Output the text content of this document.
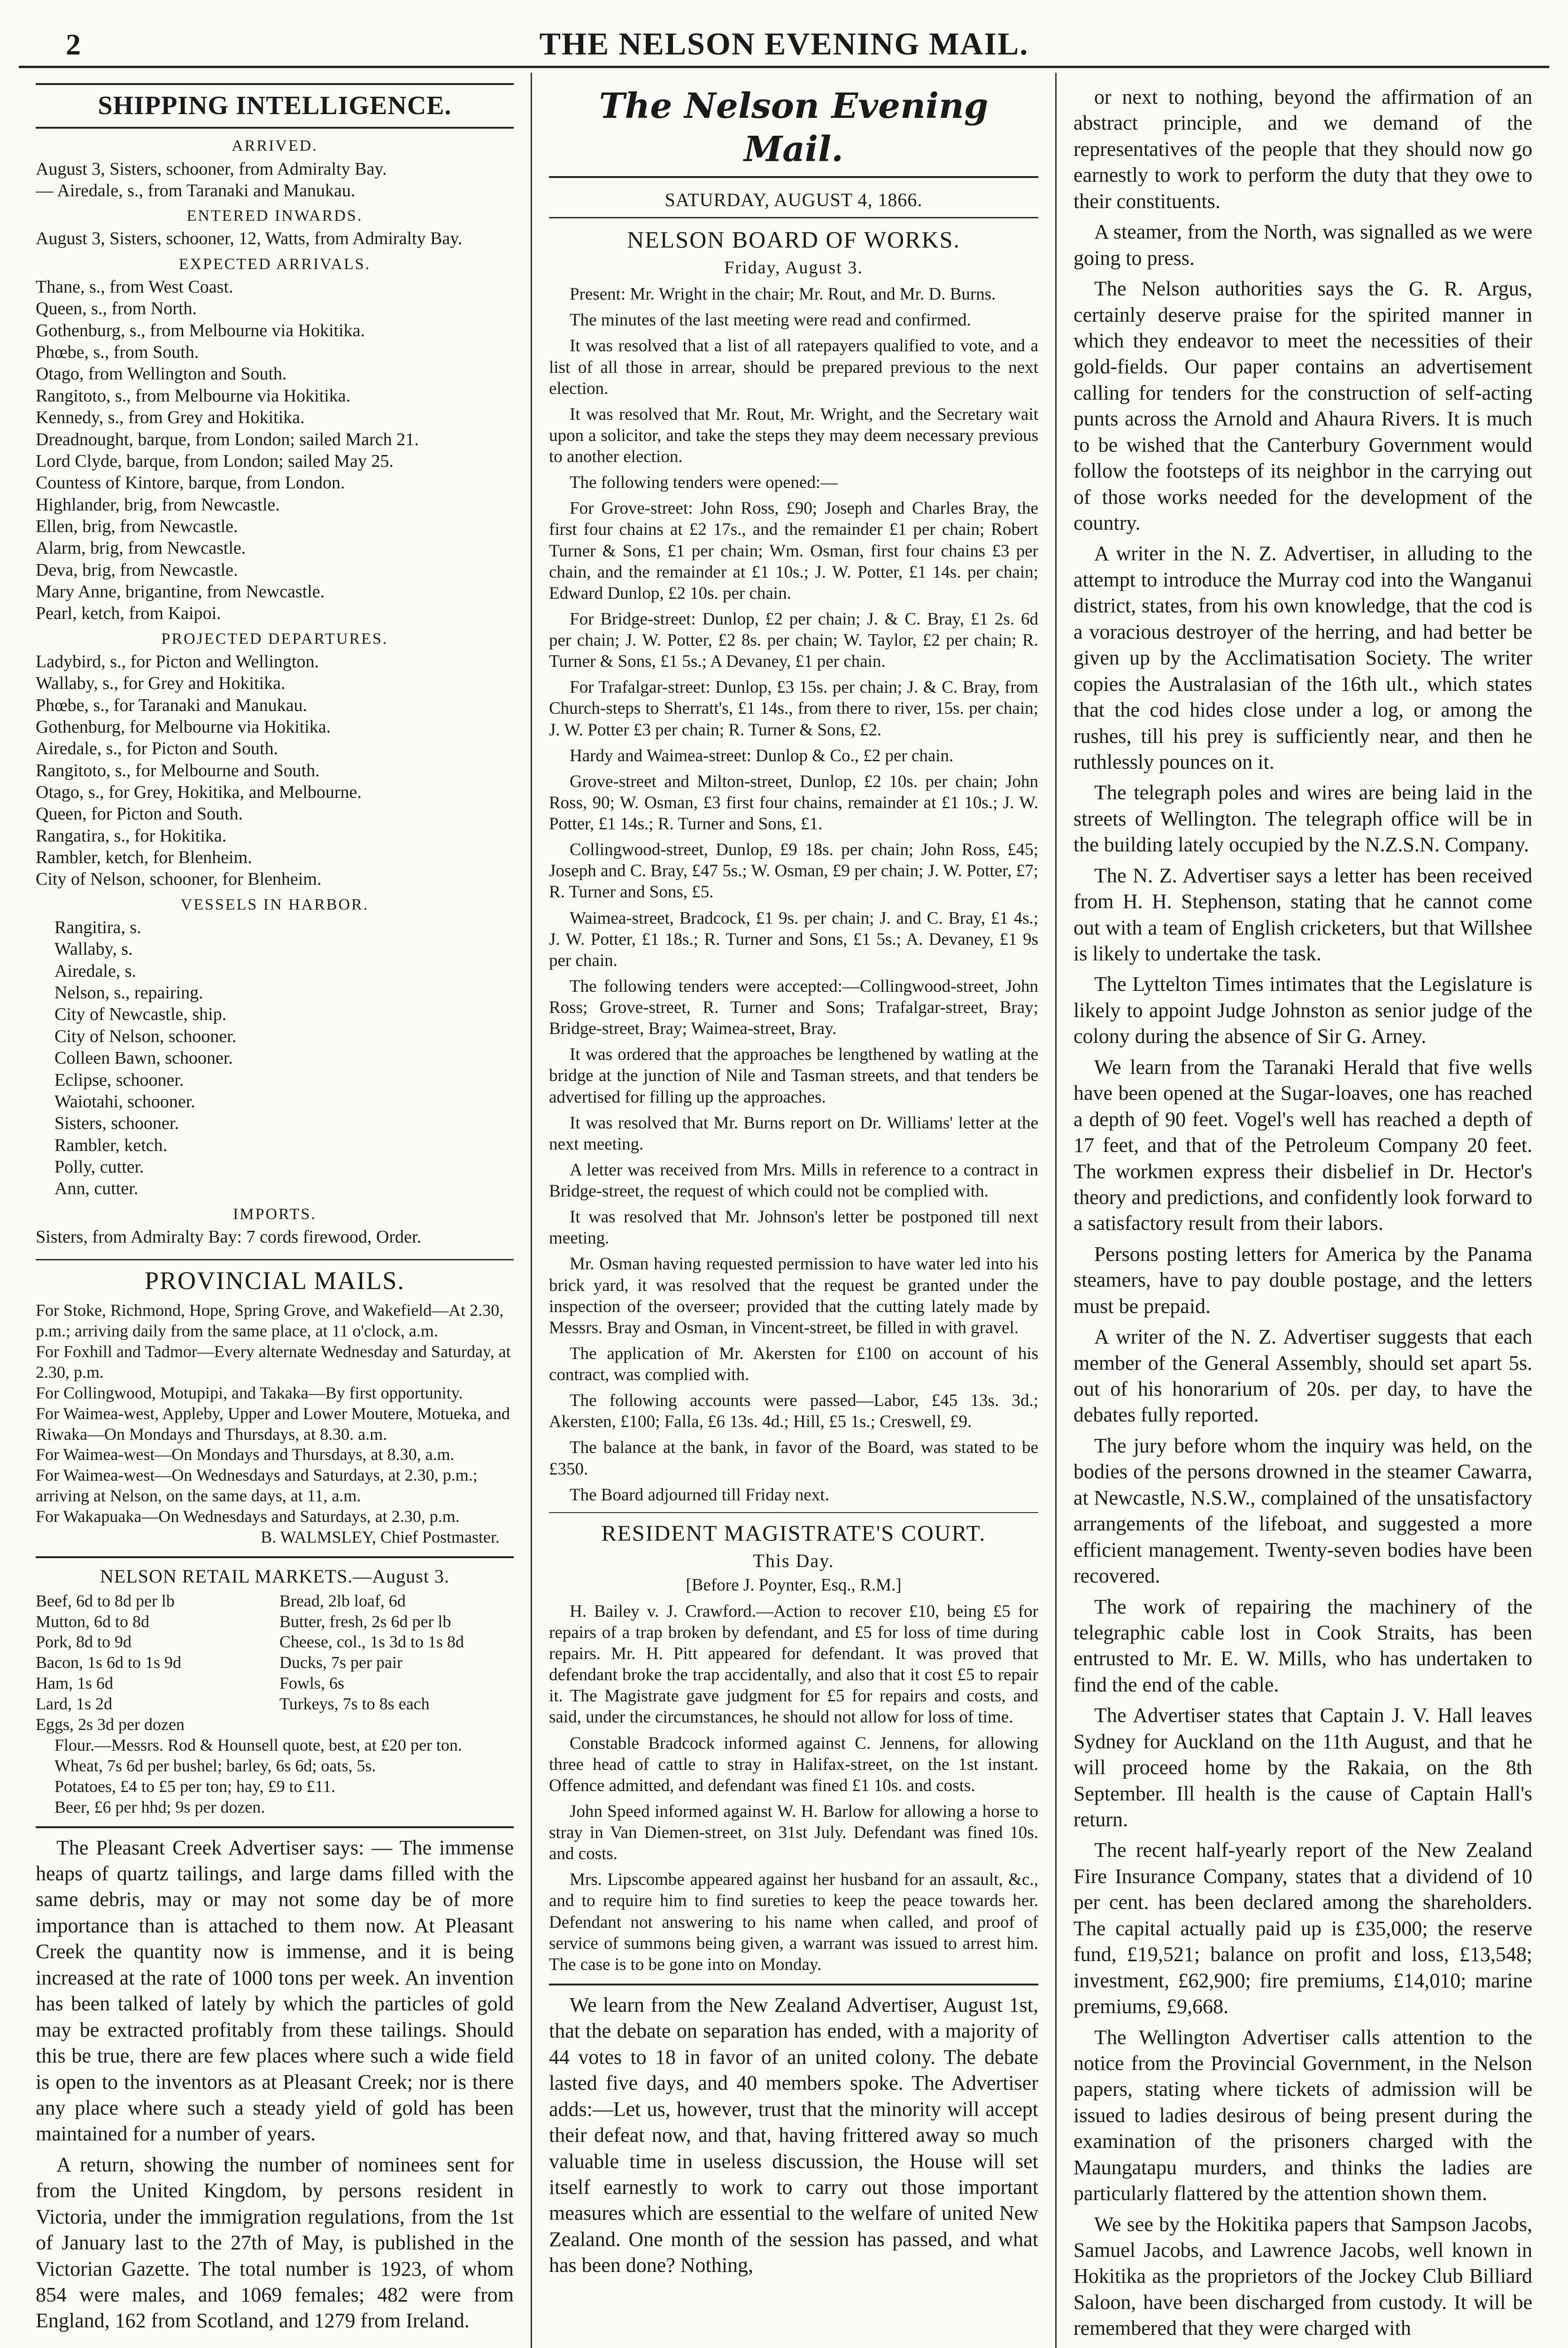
2	THE NELSON EVENING MAIL.
SHIPPING INTELLIGENCE.
ARRIVED.
August 3, Sisters, schooner, from Admiralty Bay.
— Airedale, s., from Taranaki and Manukau.
ENTERED INWARDS.
August 3, Sisters, schooner, 12, Watts, from Admiralty Bay.
EXPECTED ARRIVALS.
Thane, s., from West Coast.
Queen, s., from North.
Gothenburg, s., from Melbourne via Hokitika.
Phœbe, s., from South.
Otago, from Wellington and South.
Rangitoto, s., from Melbourne via Hokitika.
Kennedy, s., from Grey and Hokitika.
Dreadnought, barque, from London; sailed March 21.
Lord Clyde, barque, from London; sailed May 25.
Countess of Kintore, barque, from London.
Highlander, brig, from Newcastle.
Ellen, brig, from Newcastle.
Alarm, brig, from Newcastle.
Deva, brig, from Newcastle.
Mary Anne, brigantine, from Newcastle.
Pearl, ketch, from Kaipoi.
PROJECTED DEPARTURES.
Ladybird, s., for Picton and Wellington.
Wallaby, s., for Grey and Hokitika.
Phœbe, s., for Taranaki and Manukau.
Gothenburg, for Melbourne via Hokitika.
Airedale, s., for Picton and South.
Rangitoto, s., for Melbourne and South.
Otago, s., for Grey, Hokitika, and Melbourne.
Queen, for Picton and South.
Rangatira, s., for Hokitika.
Rambler, ketch, for Blenheim.
City of Nelson, schooner, for Blenheim.
VESSELS IN HARBOR.
Rangitira, s.
Wallaby, s.
Airedale, s.
Nelson, s., repairing.
City of Newcastle, ship.
City of Nelson, schooner.
Colleen Bawn, schooner.
Eclipse, schooner.
Waiotahi, schooner.
Sisters, schooner.
Rambler, ketch.
Polly, cutter.
Ann, cutter.
IMPORTS.
Sisters, from Admiralty Bay: 7 cords firewood, Order.
PROVINCIAL MAILS.
For Stoke, Richmond, Hope, Spring Grove, and Wakefield—At 2.30, p.m.; arriving daily from the same place, at 11 o'clock, a.m.
For Foxhill and Tadmor—Every alternate Wednesday and Saturday, at 2.30, p.m.
For Collingwood, Motupipi, and Takaka—By first opportunity.
For Waimea-west, Appleby, Upper and Lower Moutere, Motueka, and Riwaka—On Mondays and Thursdays, at 8.30. a.m.
For Waimea-west—On Mondays and Thursdays, at 8.30, a.m.
For Waimea-west—On Wednesdays and Saturdays, at 2.30, p.m.; arriving at Nelson, on the same days, at 11, a.m.
For Wakapuaka—On Wednesdays and Saturdays, at 2.30, p.m.
B. WALMSLEY, Chief Postmaster.
NELSON RETAIL MARKETS.—August 3.
Beef, 6d to 8d per lb
Mutton, 6d to 8d
Pork, 8d to 9d
Bacon, 1s 6d to 1s 9d
Ham, 1s 6d
Lard, 1s 2d
Eggs, 2s 3d per dozen
Bread, 2lb loaf, 6d
Butter, fresh, 2s 6d per lb
Cheese, col., 1s 3d to 1s 8d
Ducks, 7s per pair
Fowls, 6s
Turkeys, 7s to 8s each
Flour.—Messrs. Rod & Hounsell quote, best, at £20 per ton.
Wheat, 7s 6d per bushel; barley, 6s 6d; oats, 5s.
Potatoes, £4 to £5 per ton; hay, £9 to £11.
Beer, £6 per hhd; 9s per dozen.
The Pleasant Creek Advertiser says: — The immense heaps of quartz tailings, and large dams filled with the same debris, may or may not some day be of more importance than is attached to them now. At Pleasant Creek the quantity now is immense, and it is being increased at the rate of 1000 tons per week. An invention has been talked of lately by which the particles of gold may be extracted profitably from these tailings. Should this be true, there are few places where such a wide field is open to the inventors as at Pleasant Creek; nor is there any place where such a steady yield of gold has been maintained for a number of years.
A return, showing the number of nominees sent for from the United Kingdom, by persons resident in Victoria, under the immigration regulations, from the 1st of January last to the 27th of May, is published in the Victorian Gazette. The total number is 1923, of whom 854 were males, and 1069 females; 482 were from England, 162 from Scotland, and 1279 from Ireland.
The Nelson Evening Mail.
SATURDAY, AUGUST 4, 1866.
NELSON BOARD OF WORKS.
Friday, August 3.
Present: Mr. Wright in the chair; Mr. Rout, and Mr. D. Burns.
The minutes of the last meeting were read and confirmed.
It was resolved that a list of all ratepayers qualified to vote, and a list of all those in arrear, should be prepared previous to the next election.
It was resolved that Mr. Rout, Mr. Wright, and the Secretary wait upon a solicitor, and take the steps they may deem necessary previous to another election.
The following tenders were opened:—
For Grove-street: John Ross, £90; Joseph and Charles Bray, the first four chains at £2 17s., and the remainder £1 per chain; Robert Turner & Sons, £1 per chain; Wm. Osman, first four chains £3 per chain, and the remainder at £1 10s.; J. W. Potter, £1 14s. per chain; Edward Dunlop, £2 10s. per chain.
For Bridge-street: Dunlop, £2 per chain; J. & C. Bray, £1 2s. 6d per chain; J. W. Potter, £2 8s. per chain; W. Taylor, £2 per chain; R. Turner & Sons, £1 5s.; A Devaney, £1 per chain.
For Trafalgar-street: Dunlop, £3 15s. per chain; J. & C. Bray, from Church-steps to Sherratt's, £1 14s., from there to river, 15s. per chain; J. W. Potter £3 per chain; R. Turner & Sons, £2.
Hardy and Waimea-street: Dunlop & Co., £2 per chain.
Grove-street and Milton-street, Dunlop, £2 10s. per chain; John Ross, 90; W. Osman, £3 first four chains, remainder at £1 10s.; J. W. Potter, £1 14s.; R. Turner and Sons, £1.
Collingwood-street, Dunlop, £9 18s. per chain; John Ross, £45; Joseph and C. Bray, £47 5s.; W. Osman, £9 per chain; J. W. Potter, £7; R. Turner and Sons, £5.
Waimea-street, Bradcock, £1 9s. per chain; J. and C. Bray, £1 4s.; J. W. Potter, £1 18s.; R. Turner and Sons, £1 5s.; A. Devaney, £1 9s per chain.
The following tenders were accepted:—Collingwood-street, John Ross; Grove-street, R. Turner and Sons; Trafalgar-street, Bray; Bridge-street, Bray; Waimea-street, Bray.
It was ordered that the approaches be lengthened by watling at the bridge at the junction of Nile and Tasman streets, and that tenders be advertised for filling up the approaches.
It was resolved that Mr. Burns report on Dr. Williams' letter at the next meeting.
A letter was received from Mrs. Mills in reference to a contract in Bridge-street, the request of which could not be complied with.
It was resolved that Mr. Johnson's letter be postponed till next meeting.
Mr. Osman having requested permission to have water led into his brick yard, it was resolved that the request be granted under the inspection of the overseer; provided that the cutting lately made by Messrs. Bray and Osman, in Vincent-street, be filled in with gravel.
The application of Mr. Akersten for £100 on account of his contract, was complied with.
The following accounts were passed—Labor, £45 13s. 3d.; Akersten, £100; Falla, £6 13s. 4d.; Hill, £5 1s.; Creswell, £9.
The balance at the bank, in favor of the Board, was stated to be £350.
The Board adjourned till Friday next.
RESIDENT MAGISTRATE'S COURT.
This Day.
[Before J. Poynter, Esq., R.M.]
H. Bailey v. J. Crawford.—Action to recover £10, being £5 for repairs of a trap broken by defendant, and £5 for loss of time during repairs. Mr. H. Pitt appeared for defendant. It was proved that defendant broke the trap accidentally, and also that it cost £5 to repair it. The Magistrate gave judgment for £5 for repairs and costs, and said, under the circumstances, he should not allow for loss of time.
Constable Bradcock informed against C. Jennens, for allowing three head of cattle to stray in Halifax-street, on the 1st instant. Offence admitted, and defendant was fined £1 10s. and costs.
John Speed informed against W. H. Barlow for allowing a horse to stray in Van Diemen-street, on 31st July. Defendant was fined 10s. and costs.
Mrs. Lipscombe appeared against her husband for an assault, &c., and to require him to find sureties to keep the peace towards her. Defendant not answering to his name when called, and proof of service of summons being given, a warrant was issued to arrest him. The case is to be gone into on Monday.
We learn from the New Zealand Advertiser, August 1st, that the debate on separation has ended, with a majority of 44 votes to 18 in favor of an united colony. The debate lasted five days, and 40 members spoke. The Advertiser adds:—Let us, however, trust that the minority will accept their defeat now, and that, having frittered away so much valuable time in useless discussion, the House will set itself earnestly to work to carry out those important measures which are essential to the welfare of united New Zealand. One month of the session has passed, and what has been done? Nothing,
or next to nothing, beyond the affirmation of an abstract principle, and we demand of the representatives of the people that they should now go earnestly to work to perform the duty that they owe to their constituents.
A steamer, from the North, was signalled as we were going to press.
The Nelson authorities says the G. R. Argus, certainly deserve praise for the spirited manner in which they endeavor to meet the necessities of their gold-fields. Our paper contains an advertisement calling for tenders for the construction of self-acting punts across the Arnold and Ahaura Rivers. It is much to be wished that the Canterbury Government would follow the footsteps of its neighbor in the carrying out of those works needed for the development of the country.
A writer in the N. Z. Advertiser, in alluding to the attempt to introduce the Murray cod into the Wanganui district, states, from his own knowledge, that the cod is a voracious destroyer of the herring, and had better be given up by the Acclimatisation Society. The writer copies the Australasian of the 16th ult., which states that the cod hides close under a log, or among the rushes, till his prey is sufficiently near, and then he ruthlessly pounces on it.
The telegraph poles and wires are being laid in the streets of Wellington. The telegraph office will be in the building lately occupied by the N.Z.S.N. Company.
The N. Z. Advertiser says a letter has been received from H. H. Stephenson, stating that he cannot come out with a team of English cricketers, but that Willshee is likely to undertake the task.
The Lyttelton Times intimates that the Legislature is likely to appoint Judge Johnston as senior judge of the colony during the absence of Sir G. Arney.
We learn from the Taranaki Herald that five wells have been opened at the Sugar-loaves, one has reached a depth of 90 feet. Vogel's well has reached a depth of 17 feet, and that of the Petroleum Company 20 feet. The workmen express their disbelief in Dr. Hector's theory and predictions, and confidently look forward to a satisfactory result from their labors.
Persons posting letters for America by the Panama steamers, have to pay double postage, and the letters must be prepaid.
A writer of the N. Z. Advertiser suggests that each member of the General Assembly, should set apart 5s. out of his honorarium of 20s. per day, to have the debates fully reported.
The jury before whom the inquiry was held, on the bodies of the persons drowned in the steamer Cawarra, at Newcastle, N.S.W., complained of the unsatisfactory arrangements of the lifeboat, and suggested a more efficient management. Twenty-seven bodies have been recovered.
The work of repairing the machinery of the telegraphic cable lost in Cook Straits, has been entrusted to Mr. E. W. Mills, who has undertaken to find the end of the cable.
The Advertiser states that Captain J. V. Hall leaves Sydney for Auckland on the 11th August, and that he will proceed home by the Rakaia, on the 8th September. Ill health is the cause of Captain Hall's return.
The recent half-yearly report of the New Zealand Fire Insurance Company, states that a dividend of 10 per cent. has been declared among the shareholders. The capital actually paid up is £35,000; the reserve fund, £19,521; balance on profit and loss, £13,548; investment, £62,900; fire premiums, £14,010; marine premiums, £9,668.
The Wellington Advertiser calls attention to the notice from the Provincial Government, in the Nelson papers, stating where tickets of admission will be issued to ladies desirous of being present during the examination of the prisoners charged with the Maungatapu murders, and thinks the ladies are particularly flattered by the attention shown them.
We see by the Hokitika papers that Sampson Jacobs, Samuel Jacobs, and Lawrence Jacobs, well known in Hokitika as the proprietors of the Jockey Club Billiard Saloon, have been discharged from custody. It will be remembered that they were charged with
